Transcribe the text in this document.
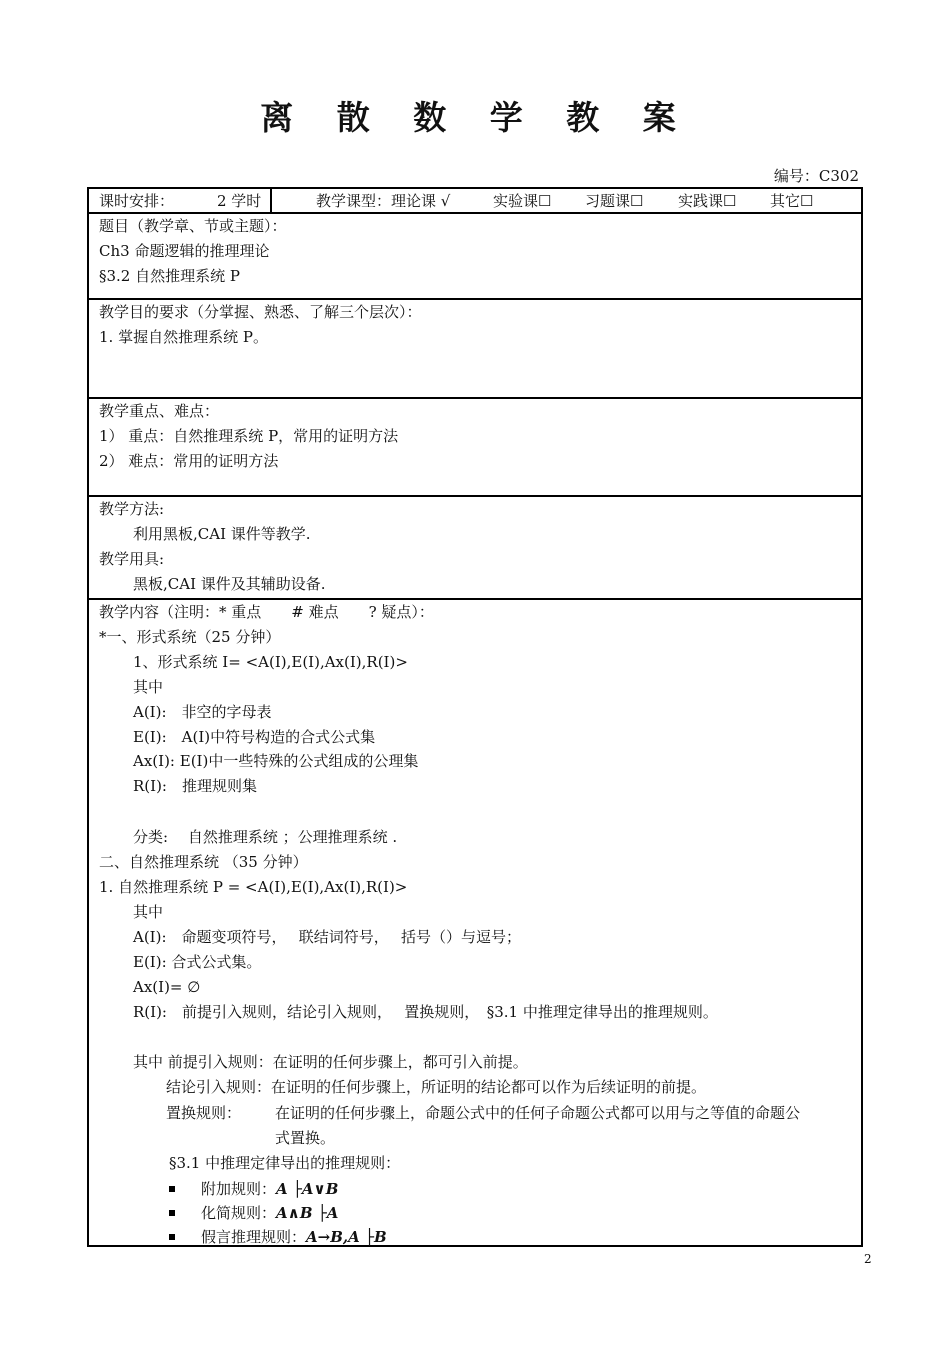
离 散 数 学 教 案
编号：C302
课时安排：	2 学时	教学课型：理论课 √	实验课☐ 习题课☐ 实践课☐ 其它☐
题目（教学章、节或主题）：
Ch3 命题逻辑的推理理论
§3.2 自然推理系统 P
教学目的要求（分掌握、熟悉、了解三个层次）：
1. 掌握自然推理系统 P。
教学重点、难点：
1） 重点：自然推理系统 P，常用的证明方法
2） 难点：常用的证明方法
教学方法:
利用黑板,CAI 课件等教学.
教学用具:
黑板,CAI 课件及其辅助设备.
教学内容（注明：* 重点　　# 难点　　? 疑点）：
*一、形式系统（25 分钟）
1、形式系统 I= <A(I),E(I),Ax(I),R(I)>
其中
A(I):　非空的字母表
E(I):　A(I)中符号构造的合式公式集
Ax(I): E(I)中一些特殊的公式组成的公理集
R(I):　推理规则集
分类:　 自然推理系统 ；公理推理系统 .
二、自然推理系统 （35 分钟）
1. 自然推理系统 P = <A(I),E(I),Ax(I),R(I)>
其中
A(I):　命题变项符号，　 联结词符号，　 括号（）与逗号；
E(I): 合式公式集。
Ax(I)= ∅
R(I):　前提引入规则，结论引入规则，　 置换规则，　§3.1 中推理定律导出的推理规则。
其中 前提引入规则：在证明的任何步骤上，都可引入前提。
结论引入规则：在证明的任何步骤上，所证明的结论都可以作为后续证明的前提。
置换规则： 在证明的任何步骤上，命题公式中的任何子命题公式都可以用与之等值的命题公
式置换。
§3.1 中推理定律导出的推理规则：
附加规则：A ├A∨B
化简规则：A∧B ├A
假言推理规则：A→B,A ├B
2
